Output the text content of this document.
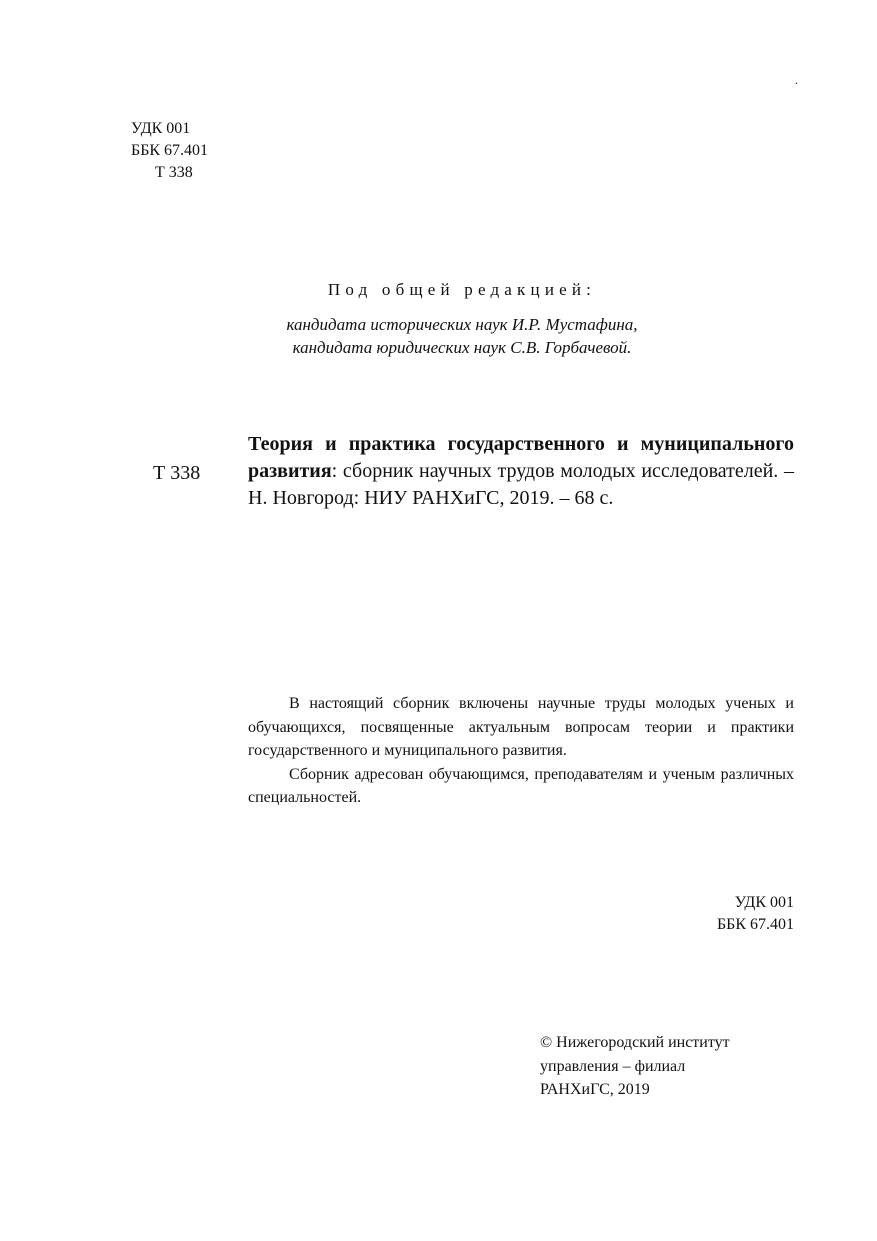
.
УДК 001
ББК 67.401
Т 338
Под общей редакцией:
кандидата исторических наук И.Р. Мустафина,
кандидата юридических наук С.В. Горбачевой.
Т 338
Теория и практика государственного и муниципального развития: сборник научных трудов молодых исследователей. – Н. Новгород: НИУ РАНХиГС, 2019. – 68 с.

В настоящий сборник включены научные труды молодых ученых и обучающихся, посвященные актуальным вопросам теории и практики государственного и муниципального развития.

Сборник адресован обучающимся, преподавателям и ученым различных специальностей.

УДК 001
ББК 67.401
© Нижегородский институт
управления – филиал
РАНХиГС, 2019
